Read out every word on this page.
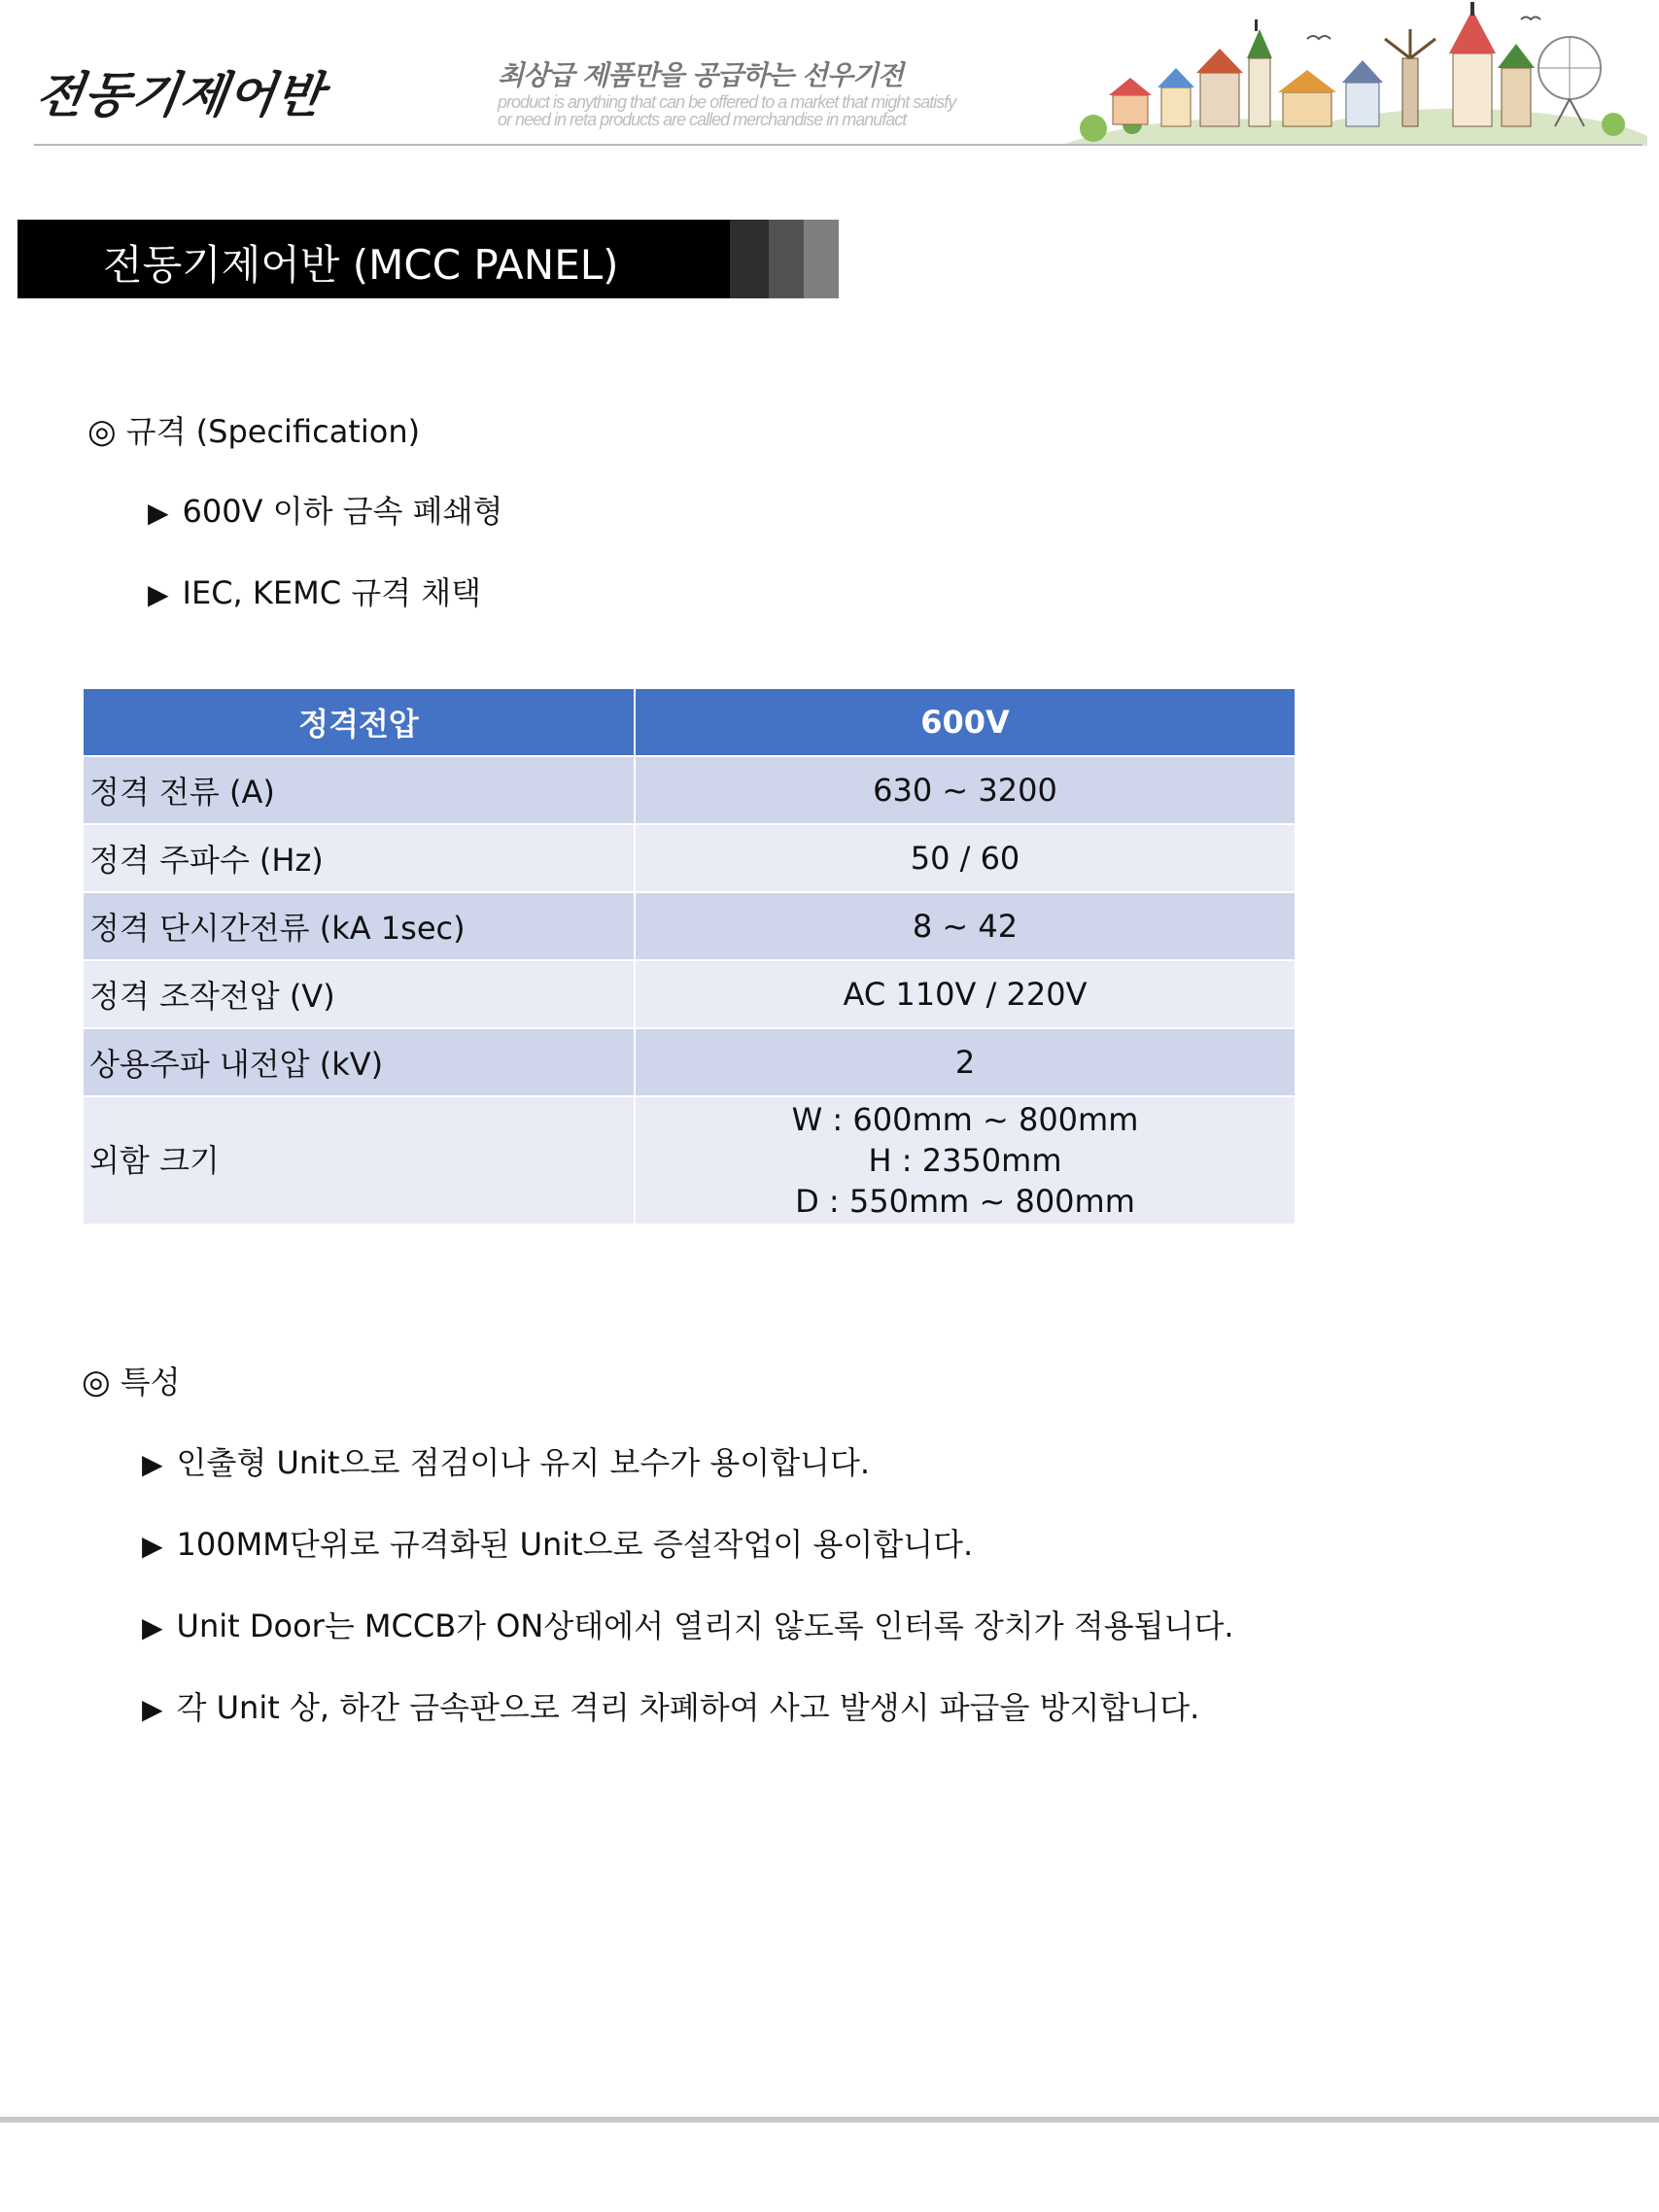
전동기제어반	최상급 제품만을 공급하는 선우기전
product is anything that can be offered to a market that might satisfy
or need in reta products are called merchandise in manufact
전동기제어반 (MCC PANEL)
◎ 규격 (Specification)
▶ 600V 이하 금속 폐쇄형
▶ IEC, KEMC 규격 채택
정격전압	600V
정격 전류 (A)	630 ~ 3200
정격 주파수 (Hz)	50 / 60
정격 단시간전류 (kA 1sec)	8 ~ 42
정격 조작전압 (V)	AC 110V / 220V
상용주파 내전압 (kV)	2
외함 크기	W : 600mm ~ 800mm
H : 2350mm
D : 550mm ~ 800mm
◎ 특성
▶ 인출형 Unit으로 점검이나 유지 보수가 용이합니다.
▶ 100MM단위로 규격화된 Unit으로 증설작업이 용이합니다.
▶ Unit Door는 MCCB가 ON상태에서 열리지 않도록 인터록 장치가 적용됩니다.
▶ 각 Unit 상, 하간 금속판으로 격리 차폐하여 사고 발생시 파급을 방지합니다.
